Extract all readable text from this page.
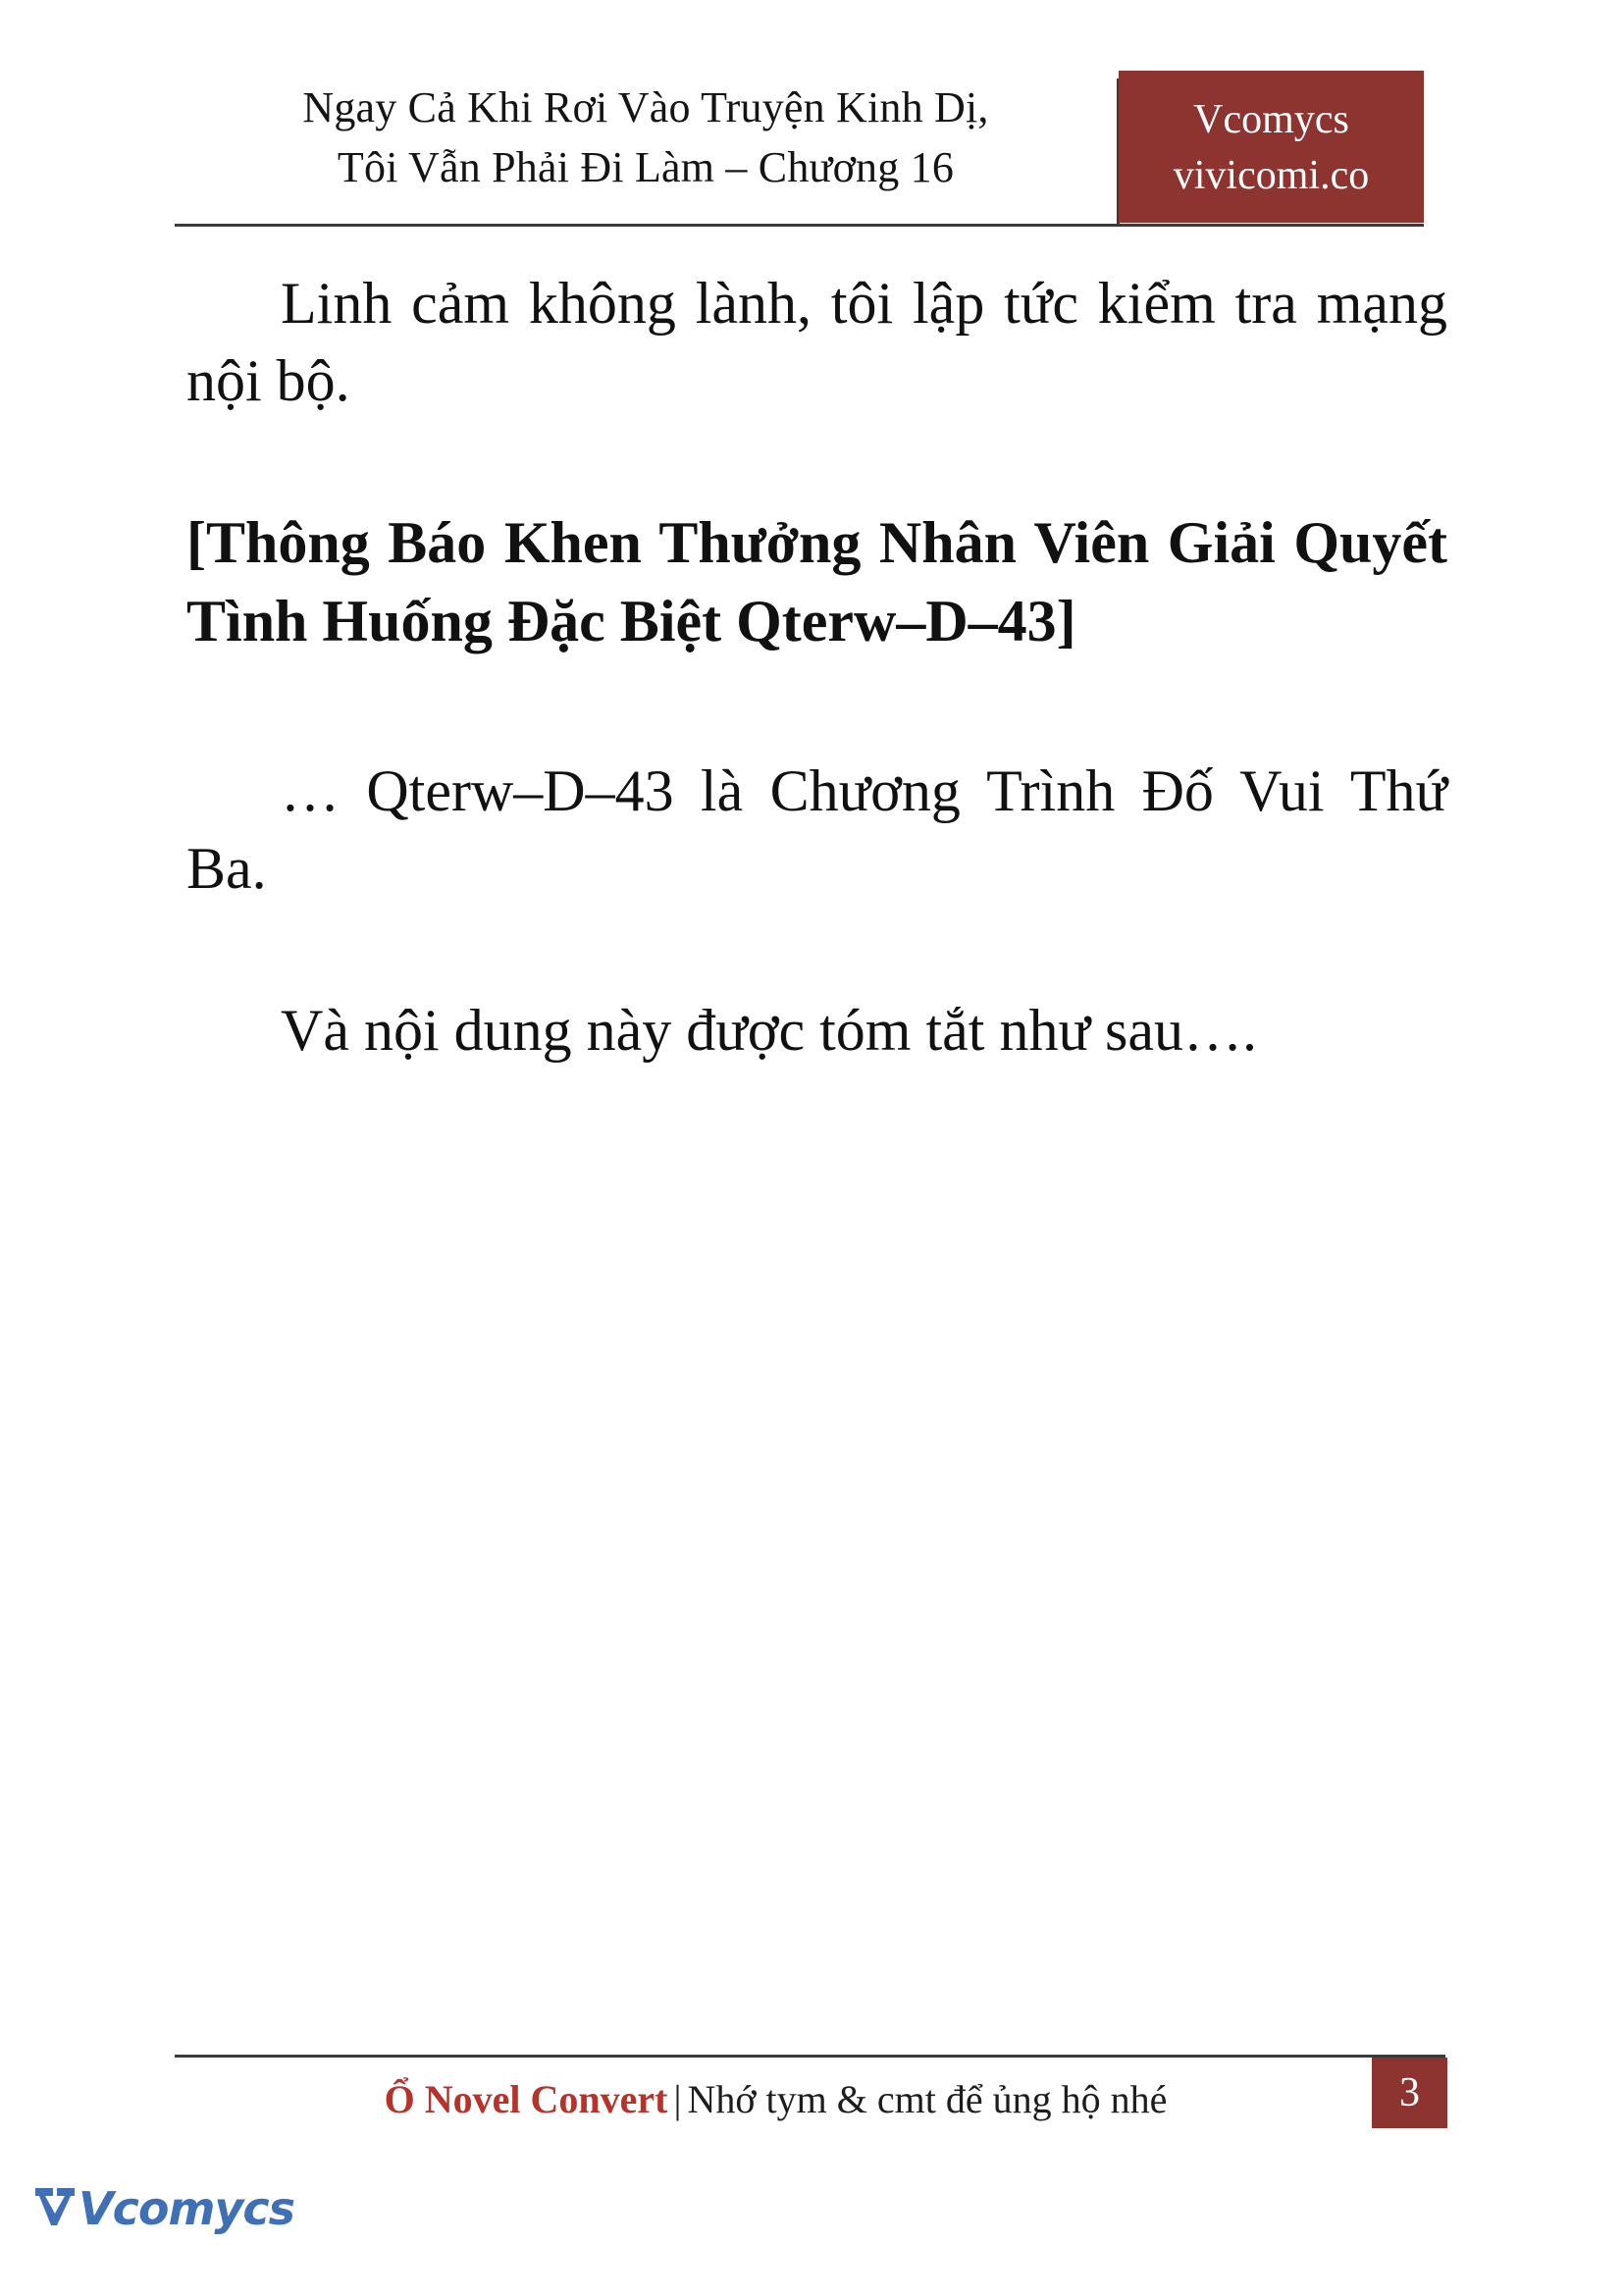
Ngay Cả Khi Rơi Vào Truyện Kinh Dị,
Tôi Vẫn Phải Đi Làm – Chương 16
Vcomycs
vivicomi.co

Linh cảm không lành, tôi lập tức kiểm tra mạng nội bộ.

[Thông Báo Khen Thưởng Nhân Viên Giải Quyết Tình Huống Đặc Biệt Qterw–D–43]

… Qterw–D–43 là Chương Trình Đố Vui Thứ Ba.

Và nội dung này được tóm tắt như sau….

Ổ Novel Convert | Nhớ tym & cmt để ủng hộ nhé	3
Vcomycs
